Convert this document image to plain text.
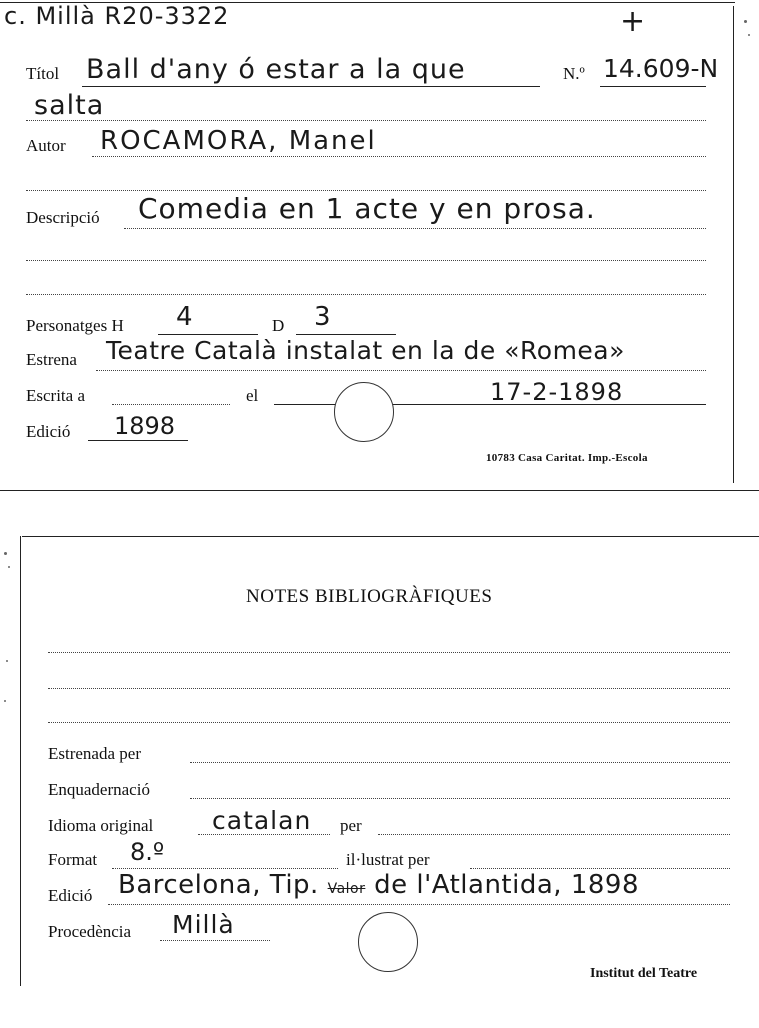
c. Millà R20-3322	+
Títol Ball d'any ó estar a la que	N.º 14.609-N
salta
Autor ROCAMORA, Manel
Descripció Comedia en 1 acte y en prosa.
Personatges H 4	D 3
Estrena Teatre Català instalat en la de «Romea»
Escrita a	el	17-2-1898
Edició 1898
10783 Casa Caritat. Imp.-Escola
NOTES BIBLIOGRÀFIQUES
Estrenada per
Enquadernació
Idioma original catalan per
Format 8.º	il·lustrat per
Edició Barcelona, Tip. Valor de l'Atlantida, 1898
Procedència Millà
Institut del Teatre
